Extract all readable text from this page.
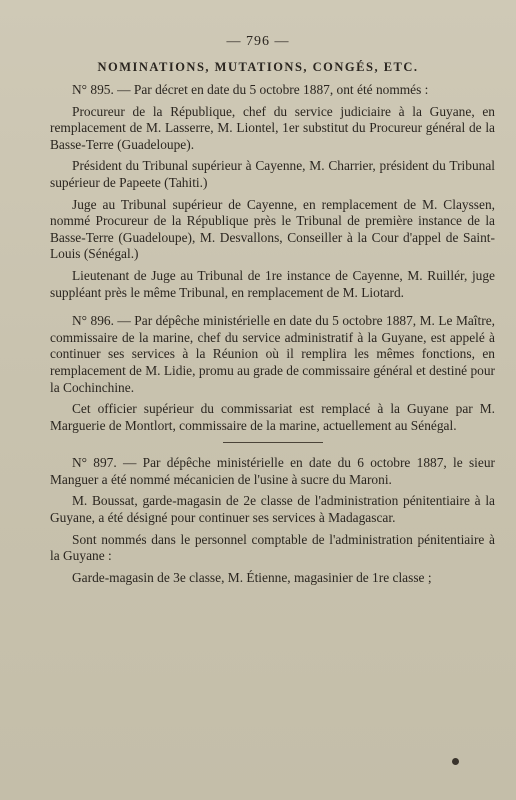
— 796 —
NOMINATIONS, MUTATIONS, CONGÉS, ETC.

N° 895. — Par décret en date du 5 octobre 1887, ont été nommés :

Procureur de la République, chef du service judiciaire à la Guyane, en remplacement de M. Lasserre, M. Liontel, 1er substitut du Procureur général de la Basse-Terre (Guadeloupe).

Président du Tribunal supérieur à Cayenne, M. Charrier, président du Tribunal supérieur de Papeete (Tahiti.)

Juge au Tribunal supérieur de Cayenne, en remplacement de M. Clayssen, nommé Procureur de la République près le Tribunal de première instance de la Basse-Terre (Guadeloupe), M. Desvallons, Conseiller à la Cour d'appel de Saint-Louis (Sénégal.)

Lieutenant de Juge au Tribunal de 1re instance de Cayenne, M. Ruillér, juge suppléant près le même Tribunal, en remplacement de M. Liotard.

N° 896. — Par dépêche ministérielle en date du 5 octobre 1887, M. Le Maître, commissaire de la marine, chef du service administratif à la Guyane, est appelé à continuer ses services à la Réunion où il remplira les mêmes fonctions, en remplacement de M. Lidie, promu au grade de commissaire général et destiné pour la Cochinchine.

Cet officier supérieur du commissariat est remplacé à la Guyane par M. Marguerie de Montlort, commissaire de la marine, actuellement au Sénégal.

N° 897. — Par dépêche ministérielle en date du 6 octobre 1887, le sieur Manguer a été nommé mécanicien de l'usine à sucre du Maroni.

M. Boussat, garde-magasin de 2e classe de l'administration pénitentiaire à la Guyane, a été désigné pour continuer ses services à Madagascar.

Sont nommés dans le personnel comptable de l'administration pénitentiaire à la Guyane :

Garde-magasin de 3e classe, M. Étienne, magasinier de 1re classe ;
